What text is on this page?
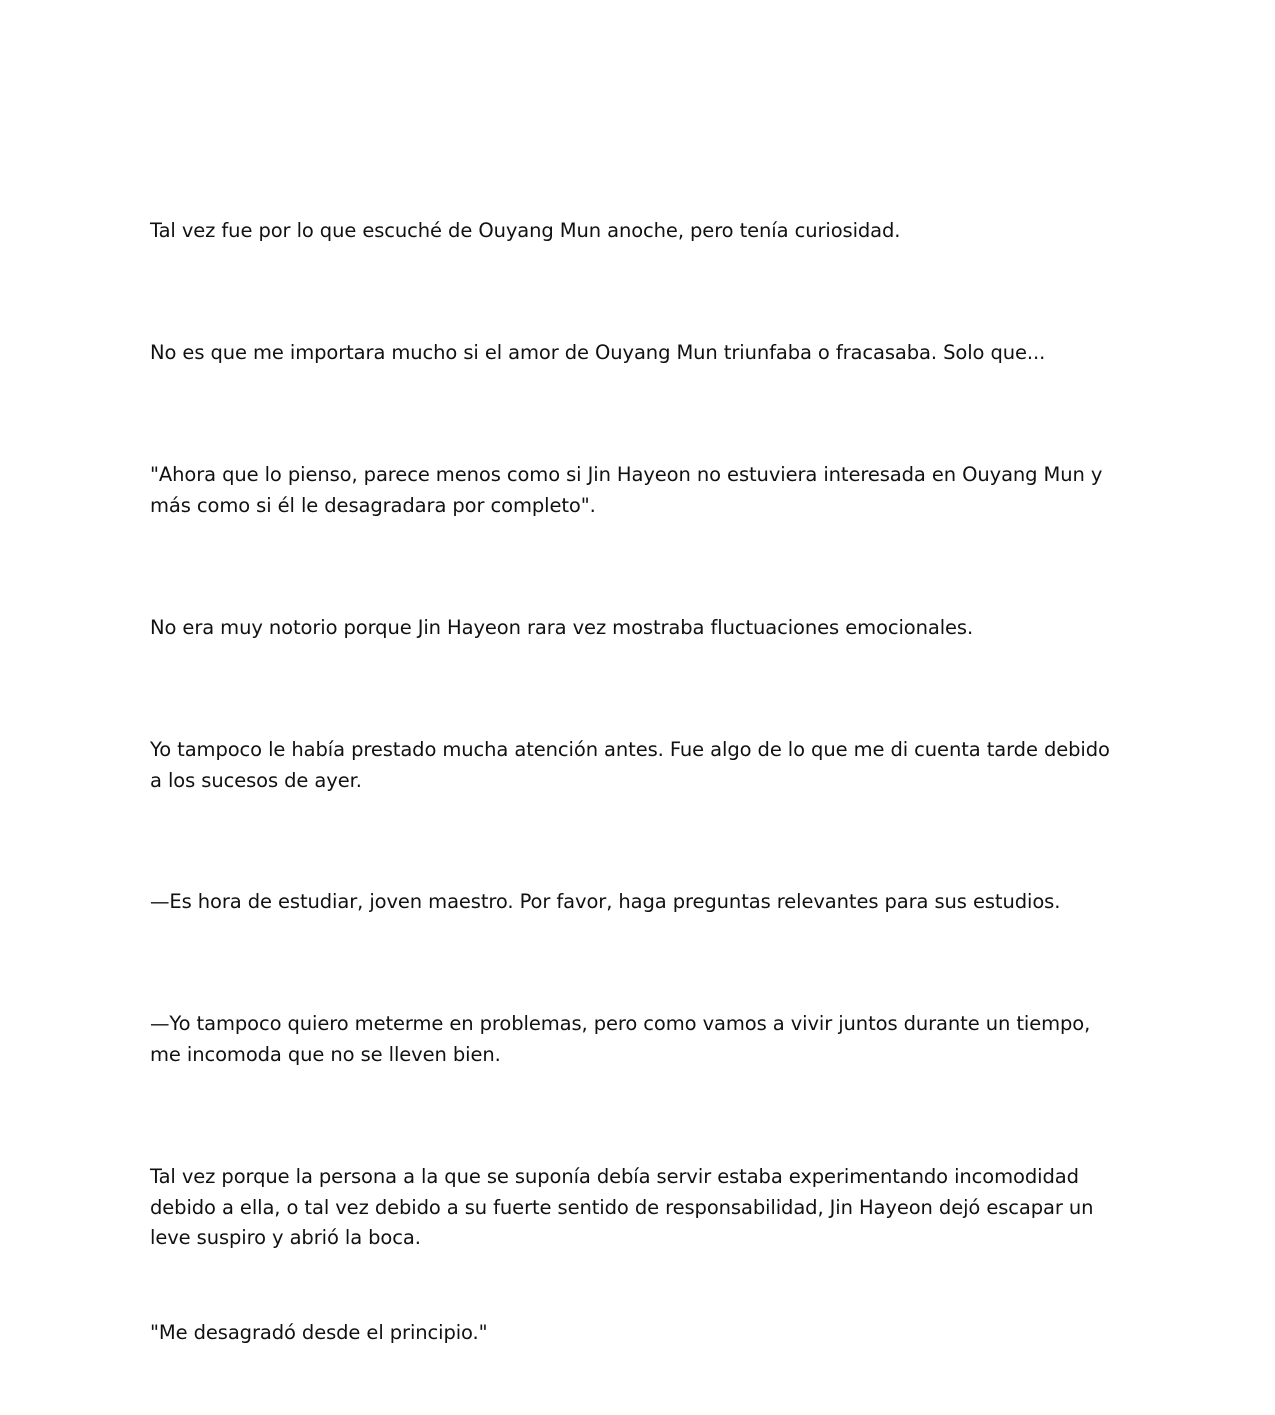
Tal vez fue por lo que escuché de Ouyang Mun anoche, pero tenía curiosidad.

No es que me importara mucho si el amor de Ouyang Mun triunfaba o fracasaba. Solo que...

"Ahora que lo pienso, parece menos como si Jin Hayeon no estuviera interesada en Ouyang Mun y más como si él le desagradara por completo".

No era muy notorio porque Jin Hayeon rara vez mostraba fluctuaciones emocionales.

Yo tampoco le había prestado mucha atención antes. Fue algo de lo que me di cuenta tarde debido a los sucesos de ayer.

—Es hora de estudiar, joven maestro. Por favor, haga preguntas relevantes para sus estudios.

—Yo tampoco quiero meterme en problemas, pero como vamos a vivir juntos durante un tiempo, me incomoda que no se lleven bien.

Tal vez porque la persona a la que se suponía debía servir estaba experimentando incomodidad debido a ella, o tal vez debido a su fuerte sentido de responsabilidad, Jin Hayeon dejó escapar un leve suspiro y abrió la boca.

"Me desagradó desde el principio."
